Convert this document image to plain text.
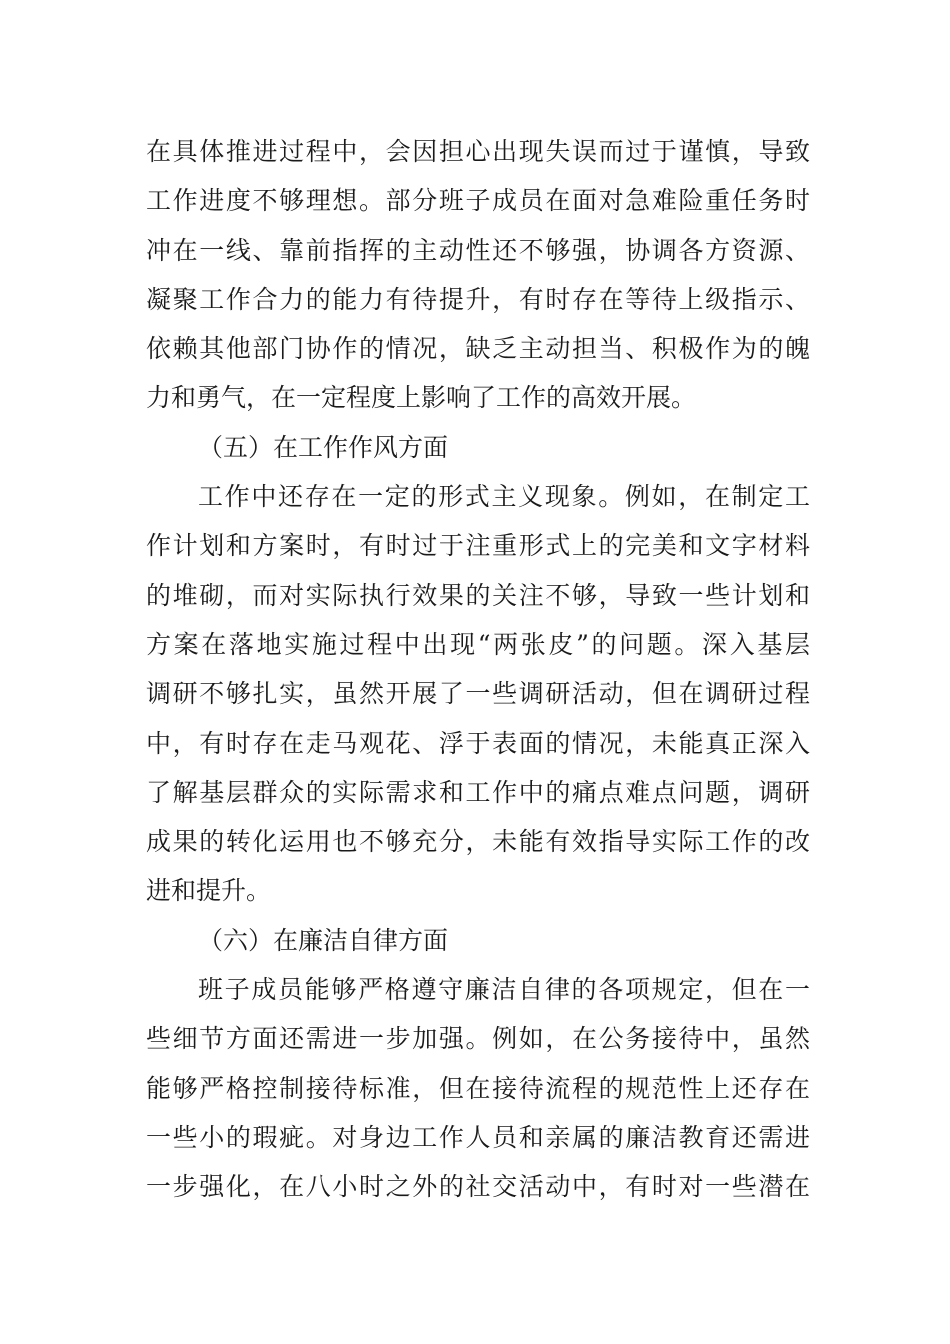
在具体推进过程中，会因担心出现失误而过于谨慎，导致
工作进度不够理想。部分班子成员在面对急难险重任务时
冲在一线、靠前指挥的主动性还不够强，协调各方资源、
凝聚工作合力的能力有待提升，有时存在等待上级指示、
依赖其他部门协作的情况，缺乏主动担当、积极作为的魄
力和勇气，在一定程度上影响了工作的高效开展。
（五）在工作作风方面
工作中还存在一定的形式主义现象。例如，在制定工
作计划和方案时，有时过于注重形式上的完美和文字材料
的堆砌，而对实际执行效果的关注不够，导致一些计划和
方案在落地实施过程中出现“两张皮”的问题。深入基层
调研不够扎实，虽然开展了一些调研活动，但在调研过程
中，有时存在走马观花、浮于表面的情况，未能真正深入
了解基层群众的实际需求和工作中的痛点难点问题，调研
成果的转化运用也不够充分，未能有效指导实际工作的改
进和提升。
（六）在廉洁自律方面
班子成员能够严格遵守廉洁自律的各项规定，但在一
些细节方面还需进一步加强。例如，在公务接待中，虽然
能够严格控制接待标准，但在接待流程的规范性上还存在
一些小的瑕疵。对身边工作人员和亲属的廉洁教育还需进
一步强化，在八小时之外的社交活动中，有时对一些潜在
